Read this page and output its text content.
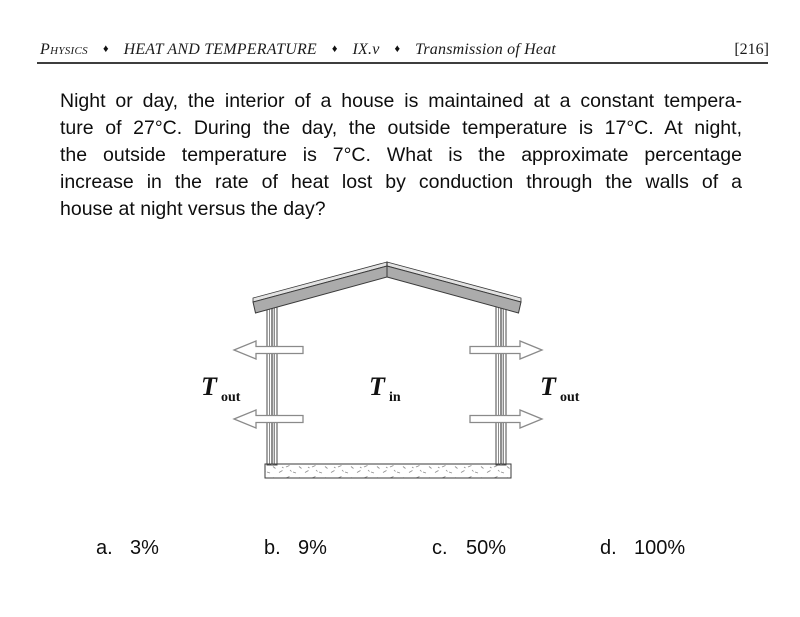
Physics ♦ HEAT AND TEMPERATURE ♦ IX.v ♦ Transmission of Heat	[216]
Night or day, the interior of a house is maintained at a constant tempera-
ture of 27°C. During the day, the outside temperature is 17°C. At night,
the outside temperature is 7°C. What is the approximate percentage
increase in the rate of heat lost by conduction through the walls of a
house at night versus the day?
T out	T in	T out
a. 3%	b. 9%	c. 50%	d. 100%
